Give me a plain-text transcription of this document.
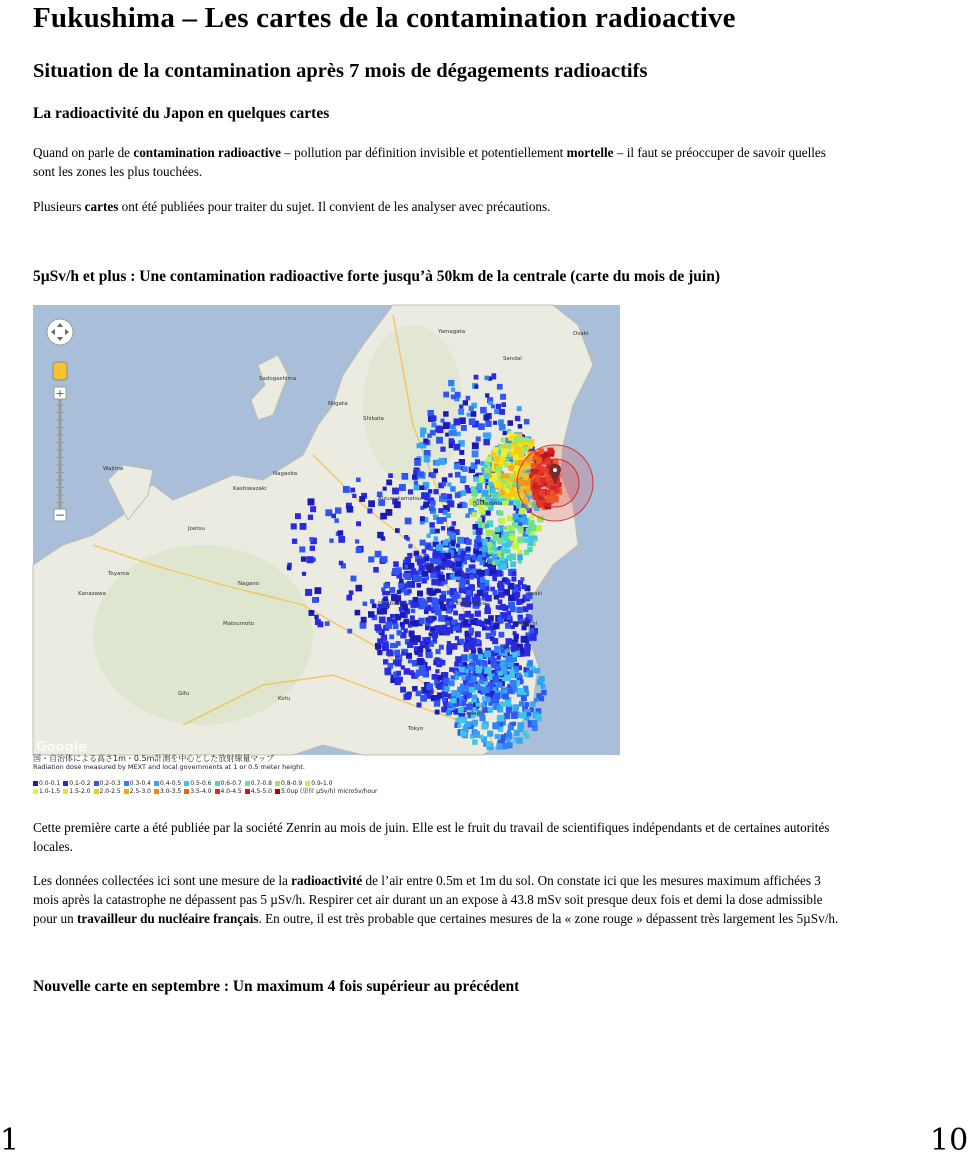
Fukushima – Les cartes de la contamination radioactive
Situation de la contamination après 7 mois de dégagements radioactifs
La radioactivité du Japon en quelques cartes

Quand on parle de contamination radioactive – pollution par définition invisible et potentiellement mortelle – il faut se préoccuper de savoir quelles

sont les zones les plus touchées.

Plusieurs cartes ont été publiées pour traiter du sujet. Il convient de les analyser avec précautions.

5µSv/h et plus : Une contamination radioactive forte jusqu’à 50km de la centrale (carte du mois de juin)
Sadogashima
Niigata
Yamagata
Sendai
Fukushima
Koriyama
Nagano
Maebashi	Utsunomiya
Mito
Gifu
Kofu
Tokyo
Toyama
Kanazawa
Matsumoto
Aizuwakamatsu
Iwaki
Hitachi
Tsukuba
Kashiwazaki
Nagaoka
Joetsu
Shibata
Osaki
Wajima
+
−
Google
国・自治体による高さ1m・0.5m計測を中心とした放射線量マップ
Radiation dose measured by MEXT and local governments at 1 or 0.5 meter height.
0.0-0.1 0.1-0.2 0.2-0.3 0.3-0.4 0.4-0.5 0.5-0.6 0.6-0.7 0.7-0.8 0.8-0.9 0.9-1.0
1.0-1.5 1.5-2.0 2.0-2.5 2.5-3.0 3.0-3.5 3.5-4.0 4.0-4.5 4.5-5.0 5.0up (単位 µSv/h) microSv/hour

Cette première carte a été publiée par la société Zenrin au mois de juin. Elle est le fruit du travail de scientifiques indépendants et de certaines autorités

locales.

Les données collectées ici sont une mesure de la radioactivité de l’air entre 0.5m et 1m du sol. On constate ici que les mesures maximum affichées 3

mois après la catastrophe ne dépassent pas 5 µSv/h. Respirer cet air durant un an expose à 43.8 mSv soit presque deux fois et demi la dose admissible

pour un travailleur du nucléaire français. En outre, il est très probable que certaines mesures de la « zone rouge » dépassent très largement les 5µSv/h.

Nouvelle carte en septembre : Un maximum 4 fois supérieur au précédent
1	10
